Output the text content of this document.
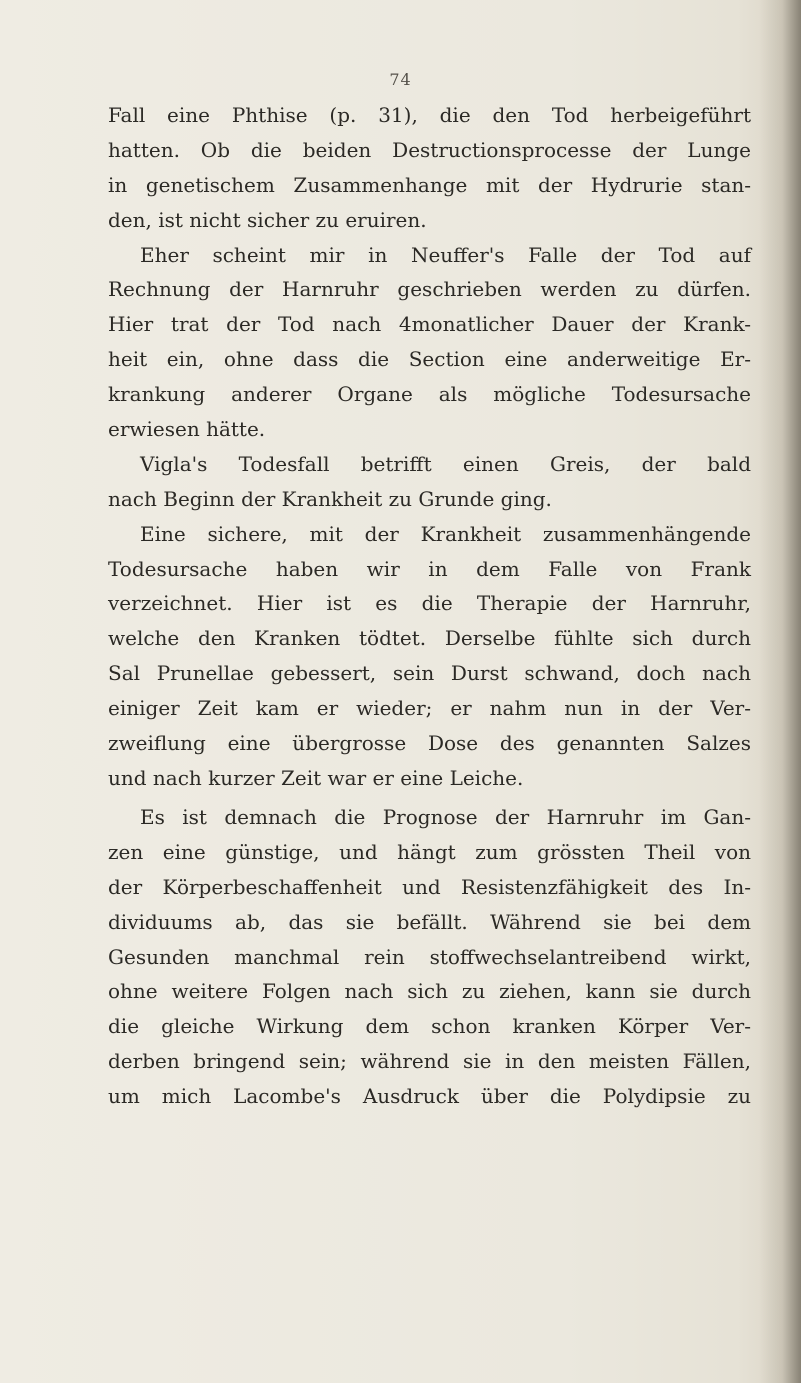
74
Fall eine Phthise (p. 31), die den Tod herbeigeführt
hatten. Ob die beiden Destructionsprocesse der Lunge
in genetischem Zusammenhange mit der Hydrurie stan-
den, ist nicht sicher zu eruiren.
Eher scheint mir in Neuffer's Falle der Tod auf
Rechnung der Harnruhr geschrieben werden zu dürfen.
Hier trat der Tod nach 4monatlicher Dauer der Krank-
heit ein, ohne dass die Section eine anderweitige Er-
krankung anderer Organe als mögliche Todesursache
erwiesen hätte.
Vigla's Todesfall betrifft einen Greis, der bald
nach Beginn der Krankheit zu Grunde ging.
Eine sichere, mit der Krankheit zusammenhängende
Todesursache haben wir in dem Falle von Frank
verzeichnet. Hier ist es die Therapie der Harnruhr,
welche den Kranken tödtet. Derselbe fühlte sich durch
Sal Prunellae gebessert, sein Durst schwand, doch nach
einiger Zeit kam er wieder; er nahm nun in der Ver-
zweiflung eine übergrosse Dose des genannten Salzes
und nach kurzer Zeit war er eine Leiche.
Es ist demnach die Prognose der Harnruhr im Gan-
zen eine günstige, und hängt zum grössten Theil von
der Körperbeschaffenheit und Resistenzfähigkeit des In-
dividuums ab, das sie befällt. Während sie bei dem
Gesunden manchmal rein stoffwechselantreibend wirkt,
ohne weitere Folgen nach sich zu ziehen, kann sie durch
die gleiche Wirkung dem schon kranken Körper Ver-
derben bringend sein; während sie in den meisten Fällen,
um mich Lacombe's Ausdruck über die Polydipsie zu
